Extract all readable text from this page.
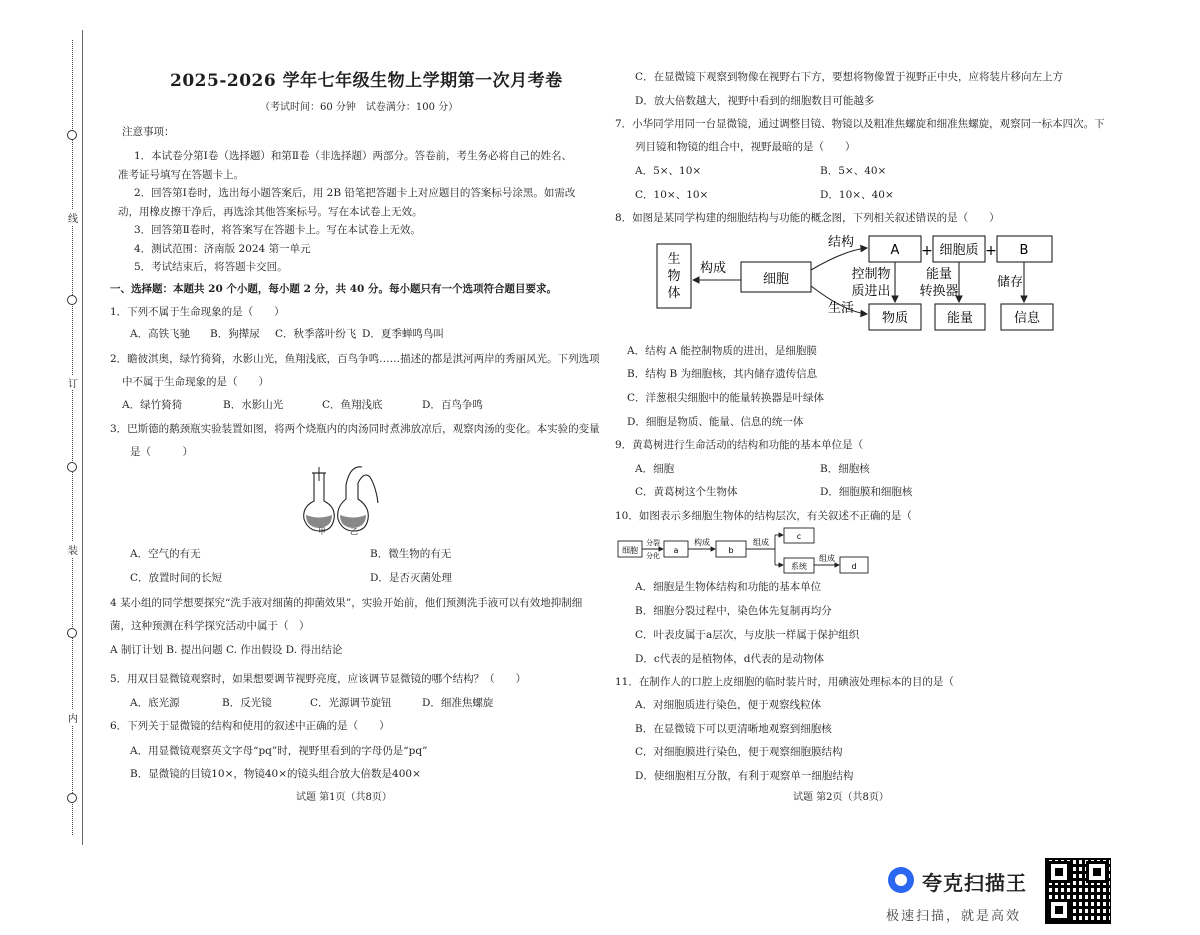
线
订
装
内
2025-2026 学年七年级生物上学期第一次月考卷
（考试时间：60 分钟　试卷满分：100 分）
注意事项：
1．本试卷分第Ⅰ卷（选择题）和第Ⅱ卷（非选择题）两部分。答卷前，考生务必将自己的姓名、
准考证号填写在答题卡上。
2．回答第Ⅰ卷时，选出每小题答案后，用 2B 铅笔把答题卡上对应题目的答案标号涂黑。如需改
动，用橡皮擦干净后，再选涂其他答案标号。写在本试卷上无效。
3．回答第Ⅱ卷时，将答案写在答题卡上。写在本试卷上无效。
4．测试范围：济南版 2024 第一单元
5．考试结束后，将答题卡交回。
一、选择题：本题共 20 个小题，每小题 2 分，共 40 分。每小题只有一个选项符合题目要求。
1．下列不属于生命现象的是（　　）
A．高铁飞驰 B．狗撵尿 C．秋季落叶纷飞 D．夏季蝉鸣鸟叫
2．瞻彼淇奥，绿竹猗猗，水影山光，鱼翔浅底，百鸟争鸣……描述的都是淇河两岸的秀丽风光。下列选项
中不属于生命现象的是（　　）
A．绿竹猗猗	B．水影山光	C．鱼翔浅底	D．百鸟争鸣
3．巴斯德的鹅颈瓶实验装置如图，将两个烧瓶内的肉汤同时煮沸放凉后，观察肉汤的变化。本实验的变量
是（　　　）
甲	乙
A．空气的有无	B．微生物的有无
C．放置时间的长短	D．是否灭菌处理
4 某小组的同学想要探究“洗手液对细菌的抑菌效果”，实验开始前，他们预测洗手液可以有效地抑制细
菌，这种预测在科学探究活动中属于（　）
A 制订计划 B. 提出问题 C. 作出假设 D. 得出结论
5．用双目显微镜观察时，如果想要调节视野亮度，应该调节显微镜的哪个结构？（　　）
A．底光源	B．反光镜	C．光源调节旋钮	D．细准焦螺旋
6．下列关于显微镜的结构和使用的叙述中正确的是（　　）
A．用显微镜观察英文字母“pq”时，视野里看到的字母仍是“pq”
B．显微镜的目镜10×，物镜40×的镜头组合放大倍数是400×
试题 第1页（共8页）
C．在显微镜下观察到物像在视野右下方，要想将物像置于视野正中央，应将装片移向左上方
D．放大倍数越大，视野中看到的细胞数目可能越多
7．小华同学用同一台显微镜，通过调整目镜、物镜以及粗准焦螺旋和细准焦螺旋，观察同一标本四次。下
列目镜和物镜的组合中，视野最暗的是（　　）
A．5×、10×	B．5×、40×
C．10×、10×	D．10×、40×
8．如图是某同学构建的细胞结构与功能的概念图，下列相关叙述错误的是（　　）
生
物
体
构成
细胞
结构
生活
A + 细胞质 + B
控制物
质进出
能量
转换器
储存
物质	能量	信息
A．结构 A 能控制物质的进出，是细胞膜
B．结构 B 为细胞核，其内储存遗传信息
C．洋葱根尖细胞中的能量转换器是叶绿体
D．细胞是物质、能量、信息的统一体
9．黄葛树进行生命活动的结构和功能的基本单位是（
A．细胞	B．细胞核
C．黄葛树这个生物体	D．细胞膜和细胞核
10．如图表示多细胞生物体的结构层次，有关叙述不正确的是（
细胞
分裂
分化
a
构成
b
组成
c
系统
组成
d
A．细胞是生物体结构和功能的基本单位
B．细胞分裂过程中，染色体先复制再均分
C．叶表皮属于a层次，与皮肤一样属于保护组织
D．c代表的是植物体，d代表的是动物体
11．在制作人的口腔上皮细胞的临时装片时，用碘液处理标本的目的是（
A．对细胞质进行染色，便于观察线粒体
B．在显微镜下可以更清晰地观察到细胞核
C．对细胞膜进行染色，便于观察细胞膜结构
D．使细胞相互分散，有利于观察单一细胞结构
试题 第2页（共8页）
夸克扫描王
极速扫描，就是高效
